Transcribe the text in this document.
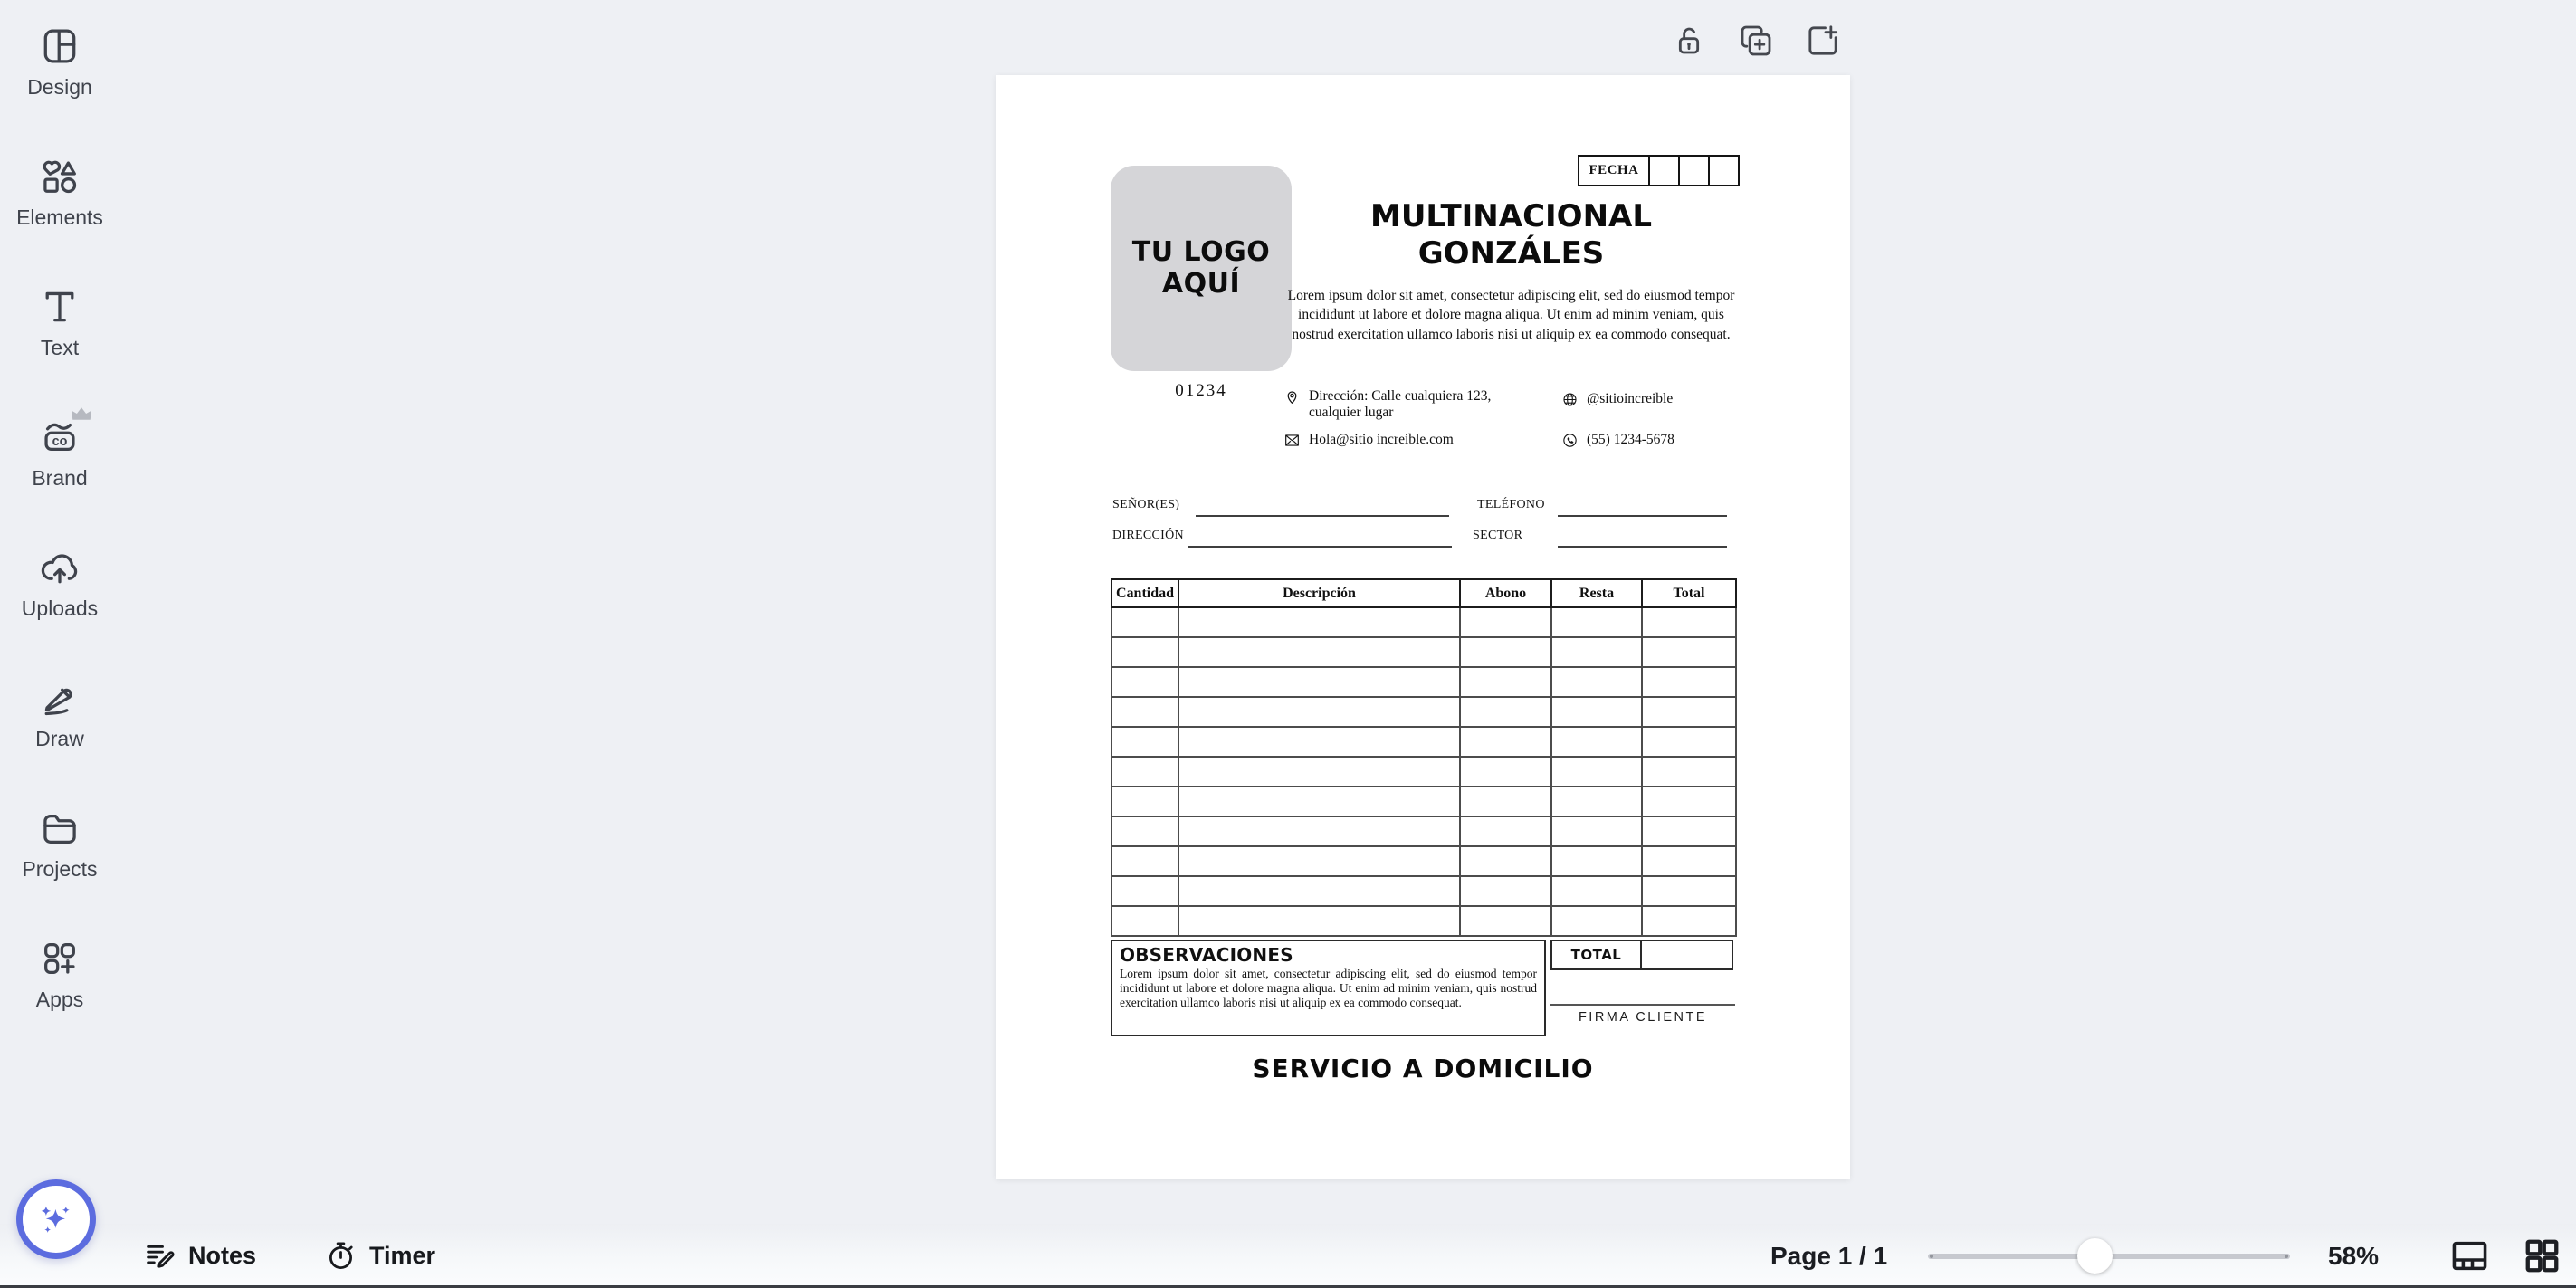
Design
Elements
Text
co
Brand
Uploads
Draw
Projects
Apps
FECHA
TU LOGO AQUÍ
01234
MULTINACIONAL GONZÁLES
Lorem ipsum dolor sit amet, consectetur adipiscing elit, sed do eiusmod tempor incididunt ut labore et dolore magna aliqua. Ut enim ad minim veniam, quis nostrud exercitation ullamco laboris nisi ut aliquip ex ea commodo consequat.
Dirección: Calle cualquiera 123, cualquier lugar
@sitioincreible
Hola@sitio increible.com	(55) 1234-5678
SEÑOR(ES)	TELÉFONO
DIRECCIÓN	SECTOR
Cantidad	Descripción	Abono	Resta	Total

OBSERVACIONES
Lorem ipsum dolor sit amet, consectetur adipiscing elit, sed do eiusmod tempor incididunt ut labore et dolore magna aliqua. Ut enim ad minim veniam, quis nostrud exercitation ullamco laboris nisi ut aliquip ex ea commodo consequat.
TOTAL
FIRMA CLIENTE
SERVICIO A DOMICILIO
Notes	Timer	Page 1 / 1	58%
